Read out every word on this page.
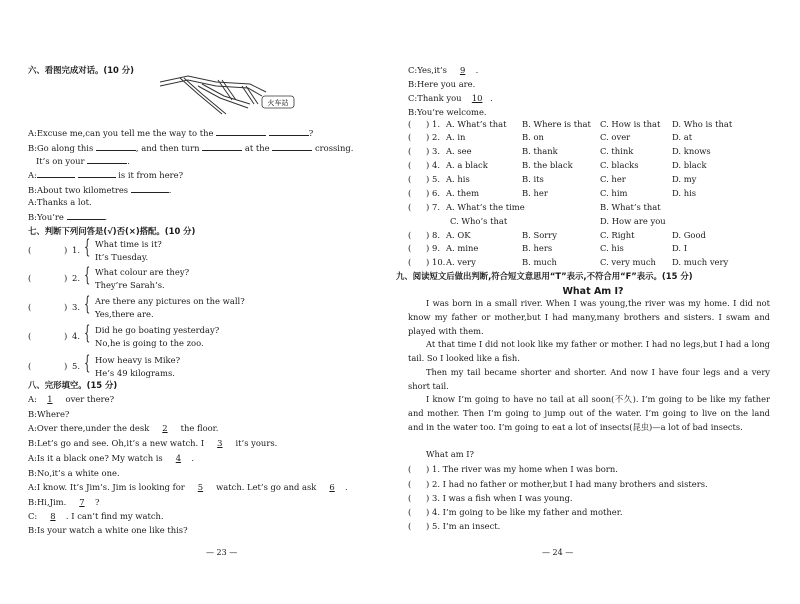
六、看图完成对话。(10 分)
火车站
A:Excuse me,can you tell me the way to the	?
B:Go along this	, and then turn	at the	crossing.
It’s on your	.
A:	is it from here?
B:About two kilometres	.
A:Thanks a lot.
B:You’re	.
七、判断下列问答是(√)否(×)搭配。(10 分)
(	) 1. { What time is it?
It’s Tuesday.
(	) 2. { What colour are they?
They’re Sarah’s.
(	) 3. { Are there any pictures on the wall?
Yes,there are.
(	) 4. { Did he go boating yesterday?
No,he is going to the zoo.
(	) 5. { How heavy is Mike?
He’s 49 kilograms.
八、完形填空。(15 分)
A: 1 over there?
B:Where?
A:Over there,under the desk 2 the floor.
B:Let’s go and see. Oh,it’s a new watch. I 3 it’s yours.
A:Is it a black one? My watch is 4 .
B:No,it’s a white one.
A:I know. It’s Jim’s. Jim is looking for 5 watch. Let’s go and ask 6 .
B:Hi,Jim. 7 ?
C: 8 . I can’t find my watch.
B:Is your watch a white one like this?
— 23 —
C:Yes,it’s 9 .
B:Here you are.
C:Thank you 10 .
B:You’re welcome.
( ) 1. A. What’s that B. Where is that C. How is that D. Who is that
( ) 2. A. in	B. on	C. over	D. at
( ) 3. A. see	B. thank	C. think	D. knows
( ) 4. A. a black	B. the black	C. blacks	D. black
( ) 5. A. his	B. its	C. her	D. my
( ) 6. A. them	B. her	C. him	D. his
( ) 7. A. What’s the time	B. What’s that
C. Who’s that	D. How are you
( ) 8. A. OK	B. Sorry	C. Right	D. Good
( ) 9. A. mine	B. hers	C. his	D. I
( ) 10. A. very	B. much	C. very much D. much very
九、阅读短文后做出判断,符合短文意思用“T”表示,不符合用“F”表示。(15 分)
What Am I?
I was born in a small river. When I was young,the river was my home. I did not know my father or mother,but I had many,many brothers and sisters. I swam and played with them.
At that time I did not look like my father or mother. I had no legs,but I had a long tail. So I looked like a fish.
Then my tail became shorter and shorter. And now I have four legs and a very short tail.
I know I’m going to have no tail at all soon(不久). I’m going to be like my father and mother. Then I’m going to jump out of the water. I’m going to live on the land and in the water too. I’m going to eat a lot of insects(昆虫)—a lot of bad insects.
What am I?
( ) 1. The river was my home when I was born.
( ) 2. I had no father or mother,but I had many brothers and sisters.
( ) 3. I was a fish when I was young.
( ) 4. I’m going to be like my father and mother.
( ) 5. I’m an insect.
— 24 —
